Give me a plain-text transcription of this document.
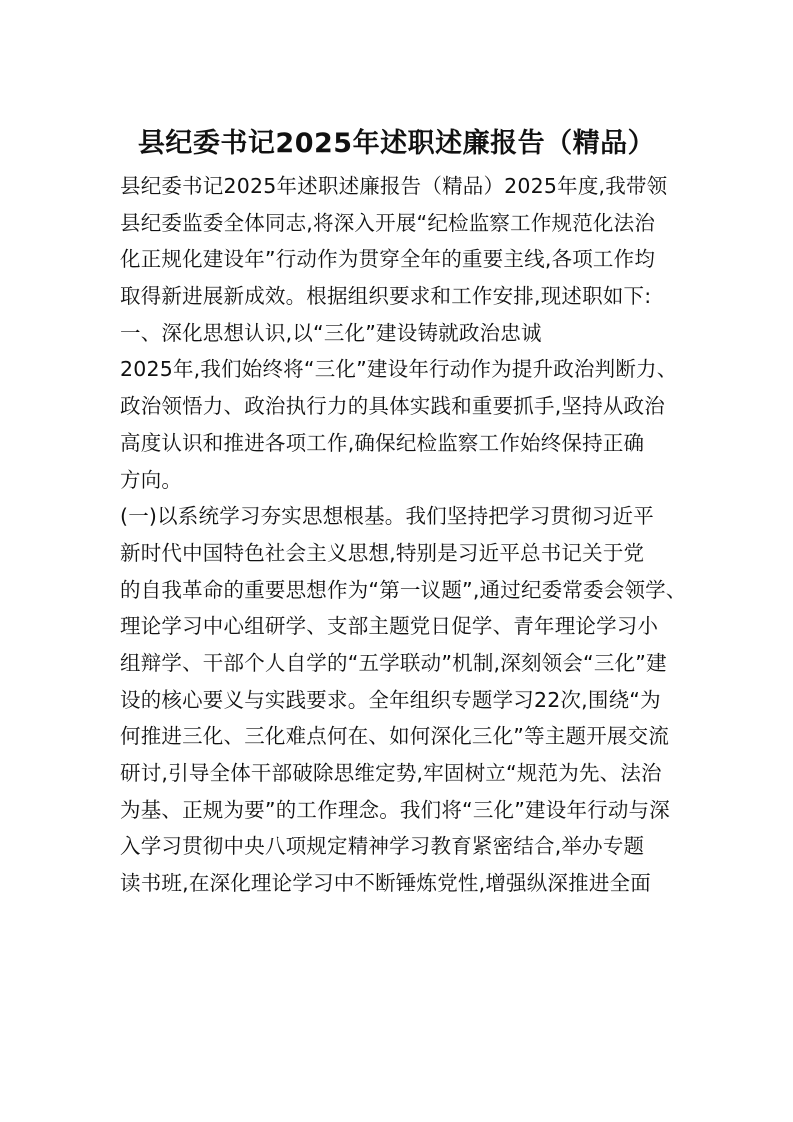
县纪委书记2025年述职述廉报告（精品）
县纪委书记2025年述职述廉报告（精品）2025年度,我带领
县纪委监委全体同志,将深入开展“纪检监察工作规范化法治
化正规化建设年”行动作为贯穿全年的重要主线,各项工作均
取得新进展新成效。根据组织要求和工作安排,现述职如下:
一、深化思想认识,以“三化”建设铸就政治忠诚
2025年,我们始终将“三化”建设年行动作为提升政治判断力、
政治领悟力、政治执行力的具体实践和重要抓手,坚持从政治
高度认识和推进各项工作,确保纪检监察工作始终保持正确
方向。
(一)以系统学习夯实思想根基。我们坚持把学习贯彻习近平
新时代中国特色社会主义思想,特别是习近平总书记关于党
的自我革命的重要思想作为“第一议题”,通过纪委常委会领学、
理论学习中心组研学、支部主题党日促学、青年理论学习小
组辩学、干部个人自学的“五学联动”机制,深刻领会“三化”建
设的核心要义与实践要求。全年组织专题学习22次,围绕“为
何推进三化、三化难点何在、如何深化三化”等主题开展交流
研讨,引导全体干部破除思维定势,牢固树立“规范为先、法治
为基、正规为要”的工作理念。我们将“三化”建设年行动与深
入学习贯彻中央八项规定精神学习教育紧密结合,举办专题
读书班,在深化理论学习中不断锤炼党性,增强纵深推进全面
